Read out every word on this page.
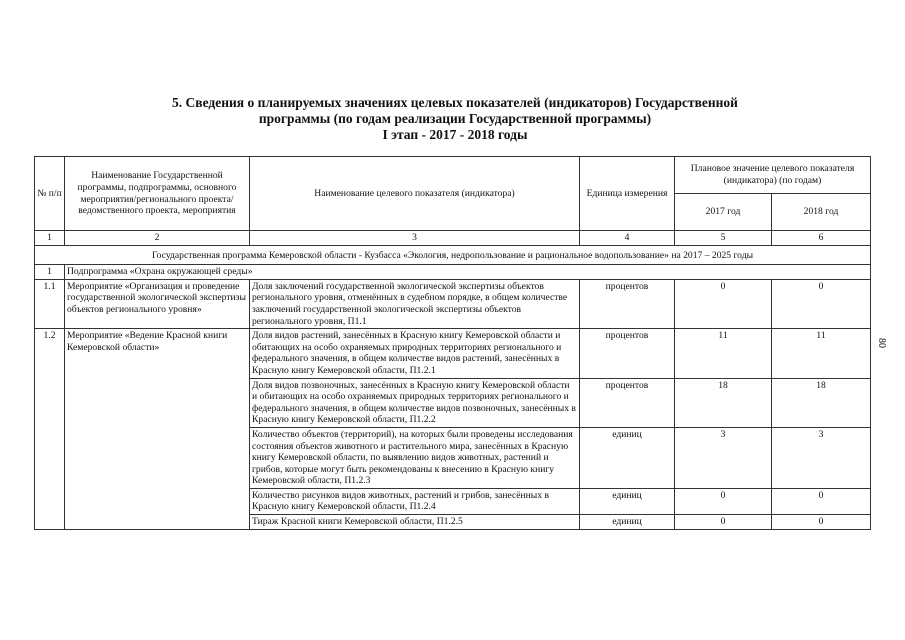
5. Сведения о планируемых значениях целевых показателей (индикаторов) Государственной
программы (по годам реализации Государственной программы)
I этап - 2017 - 2018 годы
№ п/п	Наименование Государственной программы, подпрограммы, основного мероприятия/регионального проекта/ведомственного проекта, мероприятия	Наименование целевого показателя (индикатора)	Единица измерения	Плановое значение целевого показателя (индикатора) (по годам)	
				2017 год	2018 год
1	2	3	4	5	6
Государственная программа Кемеровской области - Кузбасса «Экология, недропользование и рациональное водопользование» на 2017 – 2025 годы					
1	Подпрограмма «Охрана окружающей среды»				
1.1	Мероприятие «Организация и проведение государственной экологической экспертизы объектов регионального уровня»	Доля заключений государственной экологической экспертизы объектов регионального уровня, отменённых в судебном порядке, в общем количестве заключений государственной экологической экспертизы объектов регионального уровня, П1.1	процентов	0	0
1.2	Мероприятие «Ведение Красной книги Кемеровской области»	Доля видов растений, занесённых в Красную книгу Кемеровской области и обитающих на особо охраняемых природных территориях регионального и федерального значения, в общем количестве видов растений, занесённых в Красную книгу Кемеровской области, П1.2.1	процентов	11	11
		Доля видов позвоночных, занесённых в Красную книгу Кемеровской области и обитающих на особо охраняемых природных территориях регионального и федерального значения, в общем количестве видов позвоночных, занесённых в Красную книгу Кемеровской области, П1.2.2	процентов	18	18
		Количество объектов (территорий), на которых были проведены исследования состояния объектов животного и растительного мира, занесённых в Красную книгу Кемеровской области, по выявлению видов животных, растений и грибов, которые могут быть рекомендованы к внесению в Красную книгу Кемеровской области, П1.2.3	единиц	3	3
		Количество рисунков видов животных, растений и грибов, занесённых в Красную книгу Кемеровской области, П1.2.4	единиц	0	0
		Тираж Красной книги Кемеровской области, П1.2.5	единиц	0	0
80
